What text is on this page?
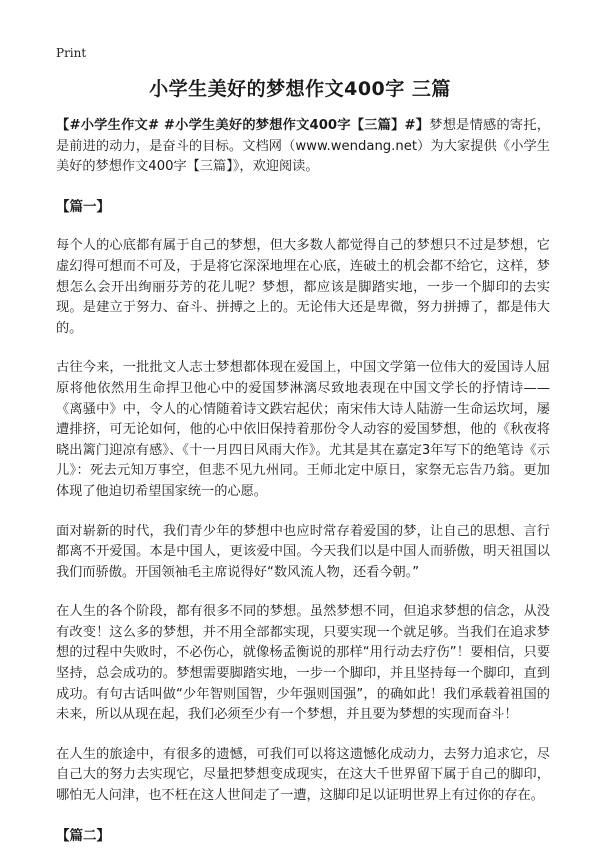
Print
小学生美好的梦想作文400字 三篇

【#小学生作文# #小学生美好的梦想作文400字【三篇】#】梦想是情感的寄托，是前进的动力，是奋斗的目标。文档网（www.wendang.net）为大家提供《小学生美好的梦想作文400字【三篇】》，欢迎阅读。

【篇一】

每个人的心底都有属于自己的梦想，但大多数人都觉得自己的梦想只不过是梦想，它虚幻得可想而不可及，于是将它深深地埋在心底，连破土的机会都不给它，这样，梦想怎么会开出绚丽芬芳的花儿呢？梦想，都应该是脚踏实地，一步一个脚印的去实现。是建立于努力、奋斗、拼搏之上的。无论伟大还是卑微，努力拼搏了，都是伟大的。

古往今来，一批批文人志士梦想都体现在爱国上，中国文学第一位伟大的爱国诗人屈原将他依然用生命捍卫他心中的爱国梦淋漓尽致地表现在中国文学长的抒情诗——《离骚中》中，令人的心情随着诗文跌宕起伏；南宋伟大诗人陆游一生命运坎坷，屡遭排挤，可无论如何，他的心中依旧保持着那份令人动容的爱国梦想，他的《秋夜将晓出篱门迎凉有感》、《十一月四日风雨大作》。尤其是其在嘉定3年写下的绝笔诗《示儿》：死去元知万事空，但悲不见九州同。王师北定中原日，家祭无忘告乃翁。更加体现了他迫切希望国家统一的心愿。

面对崭新的时代，我们青少年的梦想中也应时常存着爱国的梦，让自己的思想、言行都离不开爱国。本是中国人，更该爱中国。今天我们以是中国人而骄傲，明天祖国以我们而骄傲。开国领袖毛主席说得好“数风流人物，还看今朝。”

在人生的各个阶段，都有很多不同的梦想。虽然梦想不同，但追求梦想的信念，从没有改变！这么多的梦想，并不用全部都实现，只要实现一个就足够。当我们在追求梦想的过程中失败时，不必伤心，就像杨孟衡说的那样“用行动去疗伤”！要相信，只要坚持，总会成功的。梦想需要脚踏实地，一步一个脚印，并且坚持每一个脚印，直到成功。有句古话叫做“少年智则国智，少年强则国强”，的确如此！我们承载着祖国的未来，所以从现在起，我们必须至少有一个梦想，并且要为梦想的实现而奋斗！

在人生的旅途中，有很多的遗憾，可我们可以将这遗憾化成动力，去努力追求它，尽自己大的努力去实现它，尽量把梦想变成现实，在这大千世界留下属于自己的脚印，哪怕无人问津，也不枉在这人世间走了一遭，这脚印足以证明世界上有过你的存在。

【篇二】
